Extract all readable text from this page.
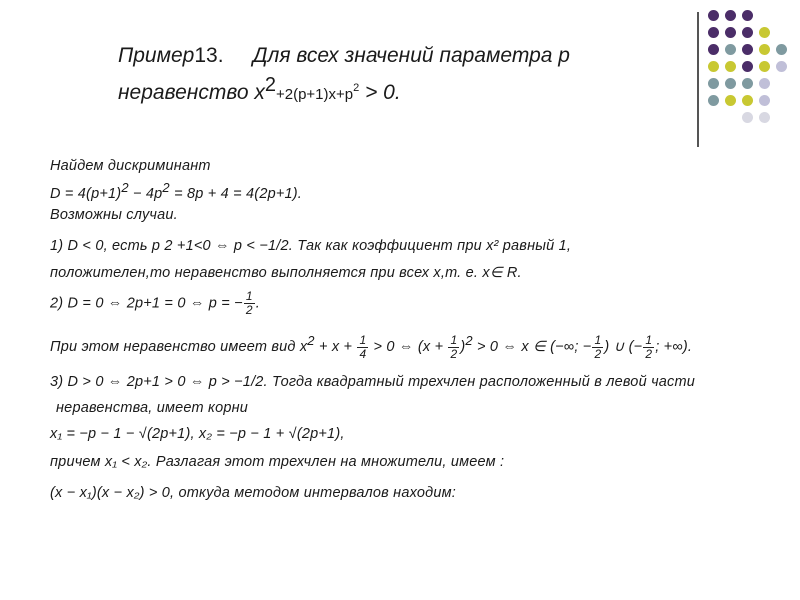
Пример13. Для всех значений параметра р
неравенство $х^2+2(p+1)x+p^2 > 0$.
Найдем дискриминант
$D = 4(p+1)^2 - 4p^2 = 8p + 4 = 4(2p+1)$.
Возможны случаи.
1) D < 0, есть p 2 +1<0 ⇔ p < −1/2. Так как коэффициент при x² равный 1,
положителен,то неравенство выполняется при всех х,т. е. х∈ R.
2) D = 0 ⇔ 2p+1 = 0 ⇔ p = − $\frac{1}{2}$ .
При этом неравенство имеет вид $x^2 + x + \frac{1}{4} > 0$ ⇔ $(x + \frac{1}{2} )^2 > 0$ ⇔ x ∈ (−∞; − $\frac{1}{2}$ ) ∪ (− $\frac{1}{2}$ ; +∞).
3) D > 0 ⇔ 2p+1 > 0 ⇔ p > −1/2. Тогда квадратный трехчлен расположенный в левой части
неравенства, имеет корни
x₁ = −p − 1 − √(2p+1), x₂ = −p − 1 + √(2p+1),
причем x₁ < x₂. Разлагая этот трехчлен на множители, имеем :
(x − x₁)(x − x₂) > 0, откуда методом интервалов находим:
